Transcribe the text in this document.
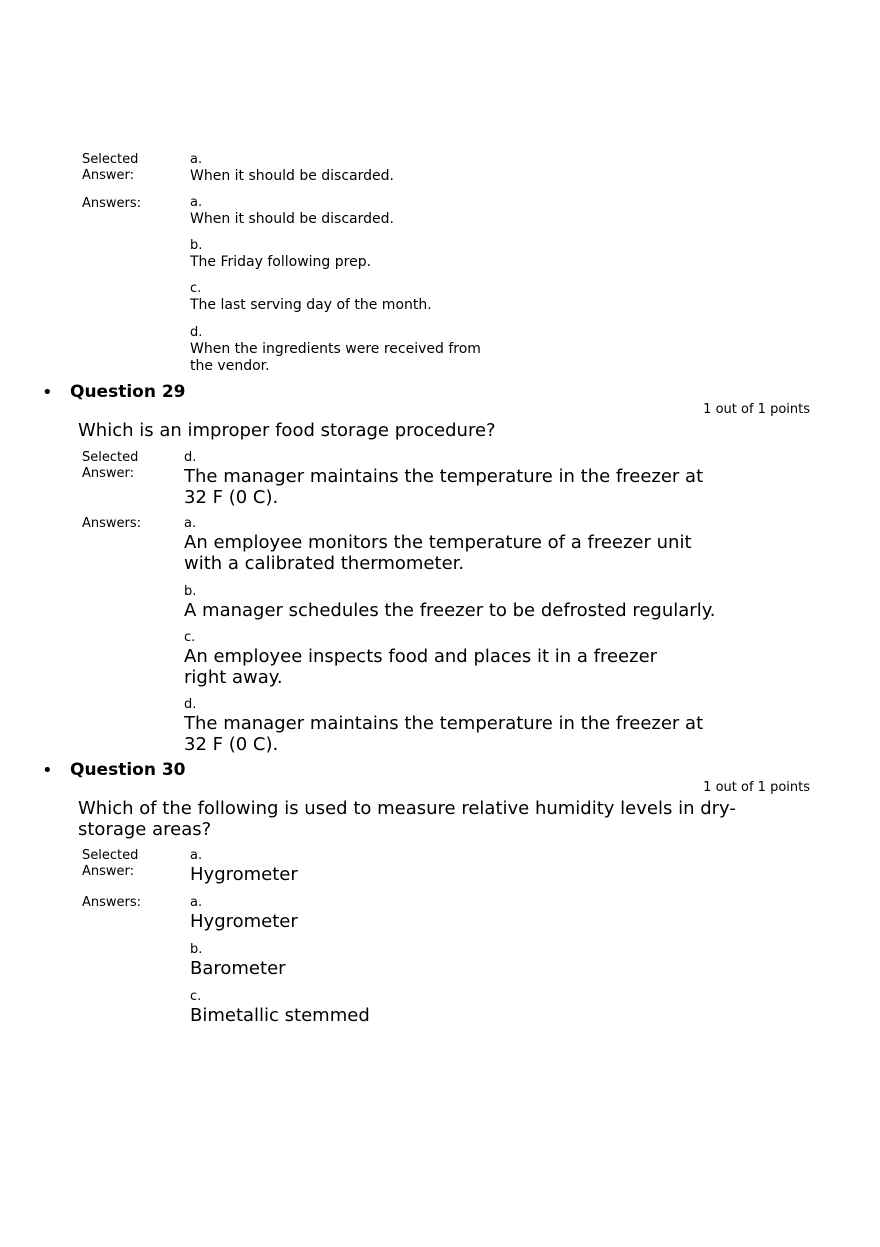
Selected Answer:
a.
When it should be discarded.
Answers:	a.
When it should be discarded.
b.
The Friday following prep.
c.
The last serving day of the month.
d.
When the ingredients were received from the vendor.
• Question 29
1 out of 1 points
Which is an improper food storage procedure?
Selected Answer:
d.
The manager maintains the temperature in the freezer at 32 F (0 C).
Answers:	a.
An employee monitors the temperature of a freezer unit with a calibrated thermometer.
b.
A manager schedules the freezer to be defrosted regularly.
c.
An employee inspects food and places it in a freezer right away.
d.
The manager maintains the temperature in the freezer at 32 F (0 C).
• Question 30
1 out of 1 points
Which of the following is used to measure relative humidity levels in dry-storage areas?
Selected Answer:
a.
Hygrometer
Answers:	a.
Hygrometer
b.
Barometer
c.
Bimetallic stemmed
